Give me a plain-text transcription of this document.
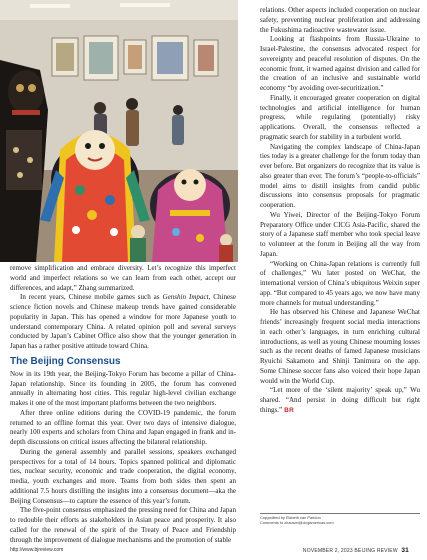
remove simplification and embrace diversity. Let’s recognize this imperfect world and imperfect relations so we can learn from each other, accept our differences, and adapt,” Zhang summarized.

In recent years, Chinese mobile games such as Genshin Impact, Chinese science fiction novels and Chinese makeup trends have gained considerable popularity in Japan. This has opened a window for more Japanese youth to understand contemporary China. A related opinion poll and several surveys conducted by Japan’s Cabinet Office also show that the younger generation in Japan has a rather positive attitude toward China.

The Beijing Consensus

Now in its 19th year, the Beijing-Tokyo Forum has become a pillar of China-Japan relationship. Since its founding in 2005, the forum has convened annually in alternating host cities. This regular high-level civilian exchange makes it one of the most important platforms between the two neighbors.

After three online editions during the COVID-19 pandemic, the forum returned to an offline format this year. Over two days of intensive dialogue, nearly 100 experts and scholars from China and Japan engaged in frank and in-depth discussions on critical issues affecting the bilateral relationship.

During the general assembly and parallel sessions, speakers exchanged perspectives for a total of 14 hours. Topics spanned political and diplomatic ties, nuclear security, economic and trade cooperation, the digital economy, media, youth exchanges and more. Teams from both sides then spent an additional 7.5 hours distilling the insights into a consensus document—aka the Beijing Consensus—to capture the essence of this year’s forum.

The five-point consensus emphasized the pressing need for China and Japan to redouble their efforts as stakeholders in Asian peace and prosperity. It also called for the renewal of the spirit of the Treaty of Peace and Friendship through the improvement of dialogue mechanisms and the promotion of stable

relations. Other aspects included cooperation on nuclear safety, preventing nuclear proliferation and addressing the Fukushima radioactive wastewater issue.

Looking at flashpoints from Russia-Ukraine to Israel-Palestine, the consensus advocated respect for sovereignty and peaceful resolution of disputes. On the economic front, it warned against division and called for the creation of an inclusive and sustainable world economy “by avoiding over-securitization.”

Finally, it encouraged greater cooperation on digital technologies and artificial intelligence for human progress, while regulating (potentially) risky applications. Overall, the consensus reflected a pragmatic search for stability in a turbulent world.

Navigating the complex landscape of China-Japan ties today is a greater challenge for the forum today than ever before. But organizers do recognize that its value is also greater than ever. The forum’s “people-to-officials” model aims to distill insights from candid public discussions into consensus proposals for pragmatic cooperation.

Wu Yiwei, Director of the Beijing-Tokyo Forum Preparatory Office under CICG Asia-Pacific, shared the story of a Japanese staff member who took special leave to volunteer at the forum in Beijing all the way from Japan.

“Working on China-Japan relations is currently full of challenges,” Wu later posted on WeChat, the international version of China’s ubiquitous Weixin super app. “But compared to 45 years ago, we now have many more channels for mutual understanding.”

He has observed his Chinese and Japanese WeChat friends’ increasingly frequent social media interactions in each other’s languages, in turn enriching cultural introductions, as well as young Chinese mourning losses such as the recent deaths of famed Japanese musicians Ryuichi Sakamoto and Shinji Tanimura on the app. Some Chinese soccer fans also voiced their hope Japan would win the World Cup.

“Let more of the ‘silent majority’ speak up,” Wu shared. “And persist in doing difficult but right things.” BR

Copyedited by Elsbeth van Paridon
Comments to zhaowei@cicgamericas.com
http://www.bjreview.com	NOVEMBER 2, 2023 BEIJING REVIEW 31
